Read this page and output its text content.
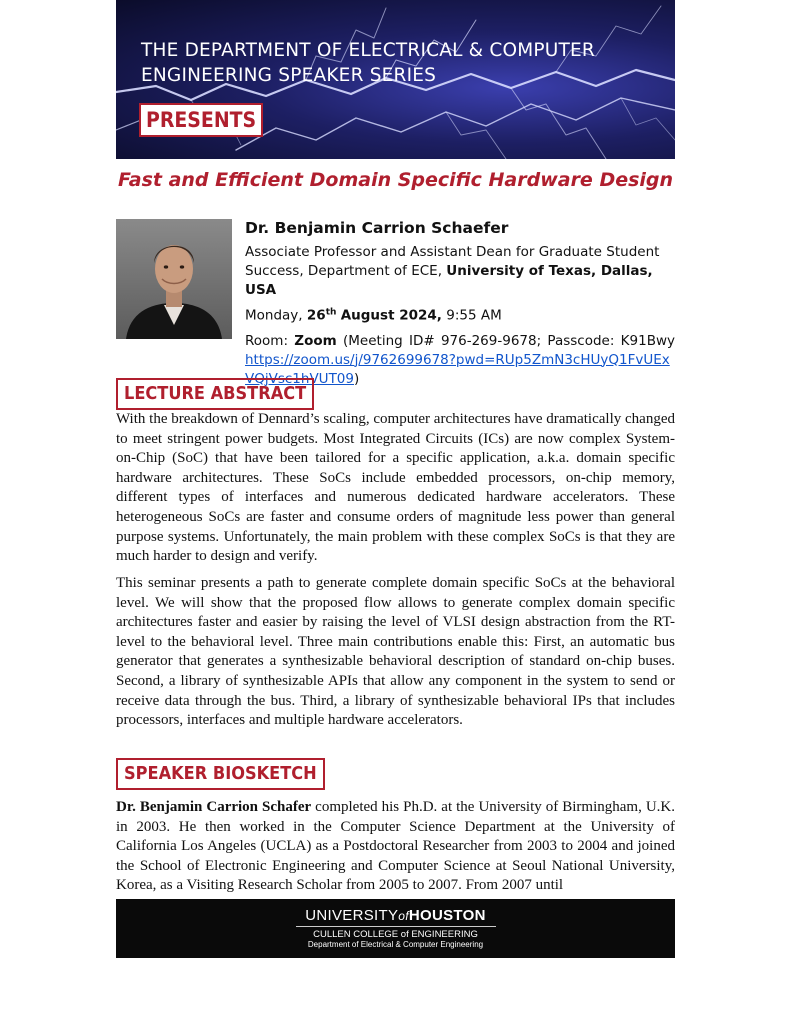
THE DEPARTMENT OF ELECTRICAL & COMPUTER
ENGINEERING SPEAKER SERIES
PRESENTS
Fast and Efficient Domain Specific Hardware Design
Dr. Benjamin Carrion Schaefer
Associate Professor and Assistant Dean for Graduate Student Success, Department of ECE, University of Texas, Dallas, USA
Monday, 26th August 2024, 9:55 AM
Room: Zoom (Meeting ID# 976-269-9678; Passcode: K91Bwy https://zoom.us/j/9762699678?pwd=RUp5ZmN3cHUyQ1FvUExVQjVsc1hVUT09)
LECTURE ABSTRACT

With the breakdown of Dennard’s scaling, computer architectures have dramatically changed to meet stringent power budgets. Most Integrated Circuits (ICs) are now complex System-on-Chip (SoC) that have been tailored for a specific application, a.k.a. domain specific hardware architectures. These SoCs include embedded processors, on-chip memory, different types of interfaces and numerous dedicated hardware accelerators. These heterogeneous SoCs are faster and consume orders of magnitude less power than general purpose systems. Unfortunately, the main problem with these complex SoCs is that they are much harder to design and verify.

This seminar presents a path to generate complete domain specific SoCs at the behavioral level. We will show that the proposed flow allows to generate complex domain specific architectures faster and easier by raising the level of VLSI design abstraction from the RT-level to the behavioral level. Three main contributions enable this: First, an automatic bus generator that generates a synthesizable behavioral description of standard on-chip buses. Second, a library of synthesizable APIs that allow any component in the system to send or receive data through the bus. Third, a library of synthesizable behavioral IPs that includes processors, interfaces and multiple hardware accelerators.

SPEAKER BIOSKETCH

Dr. Benjamin Carrion Schafer completed his Ph.D. at the University of Birmingham, U.K. in 2003. He then worked in the Computer Science Department at the University of California Los Angeles (UCLA) as a Postdoctoral Researcher from 2003 to 2004 and joined the School of Electronic Engineering and Computer Science at Seoul National University, Korea, as a Visiting Research Scholar from 2005 to 2007. From 2007 until

UNIVERSITYofHOUSTON
CULLEN COLLEGE of ENGINEERING
Department of Electrical & Computer Engineering
